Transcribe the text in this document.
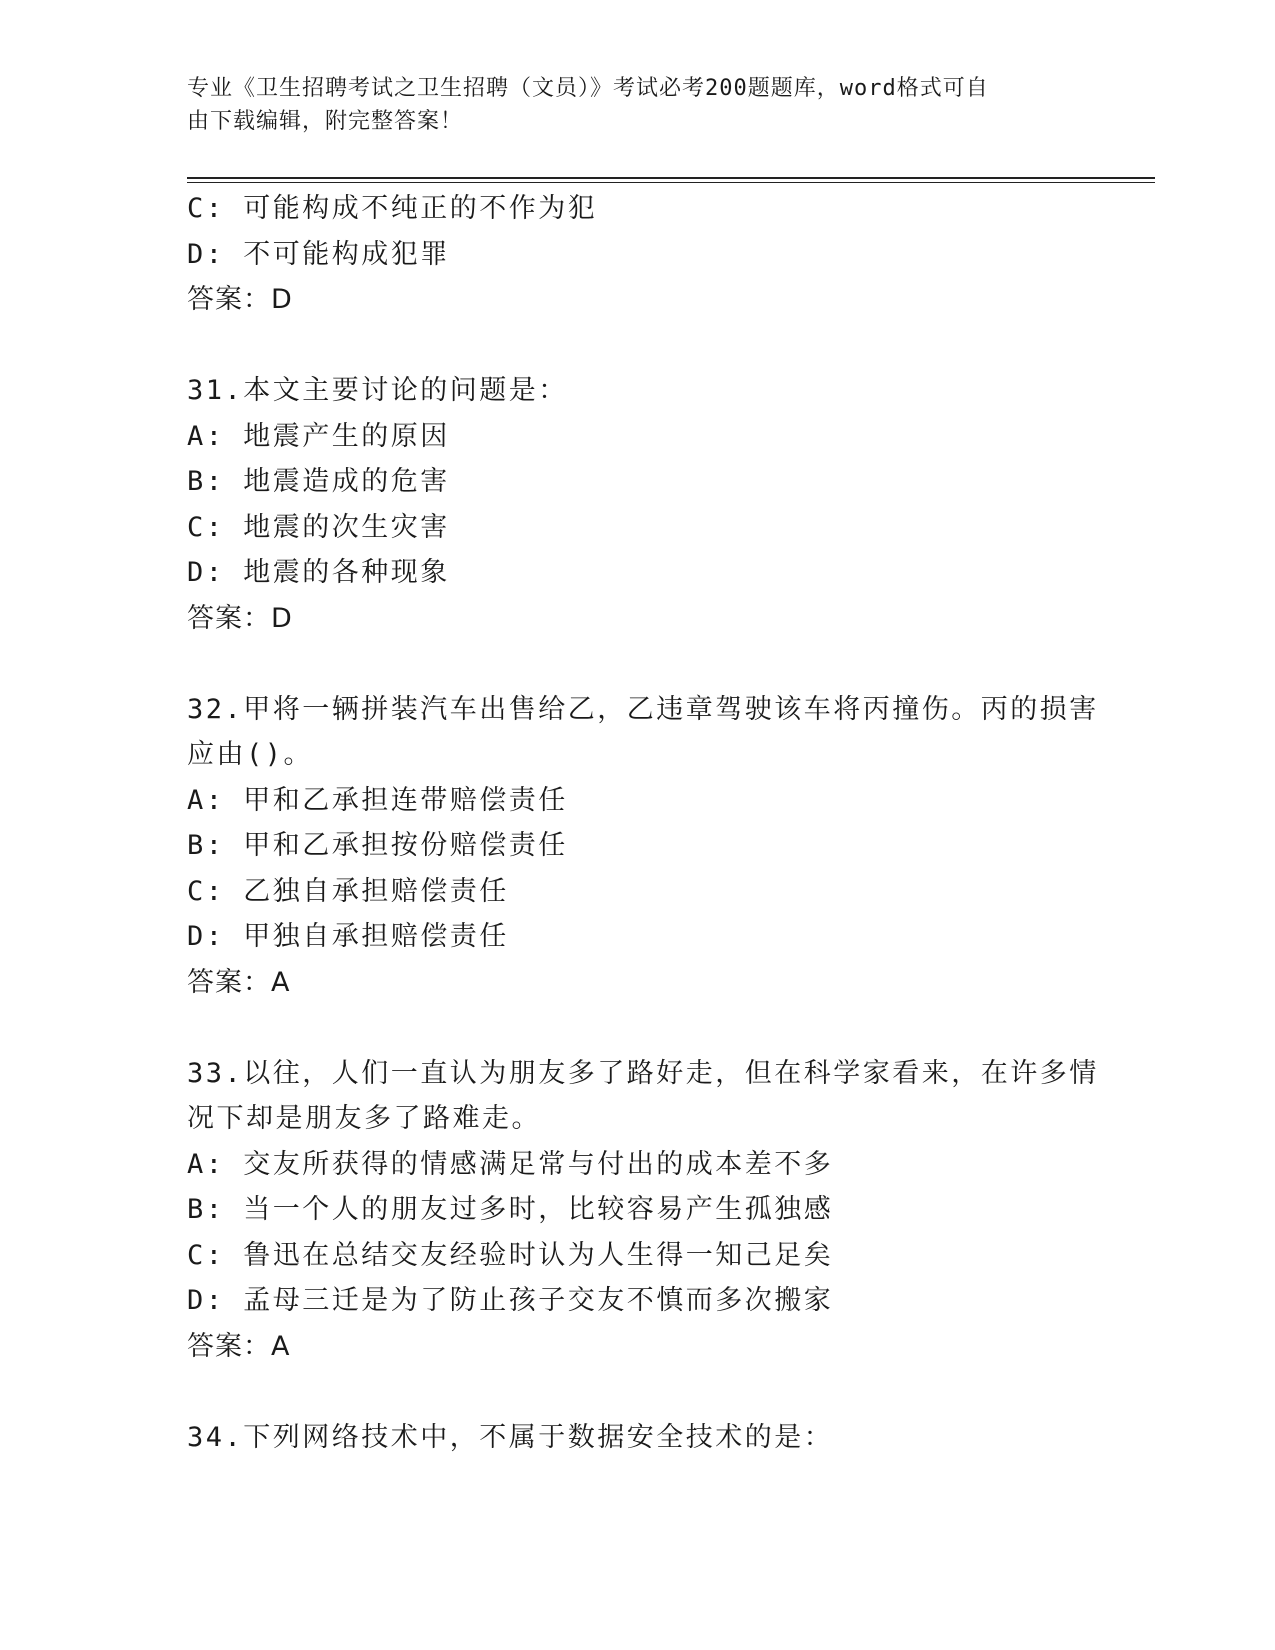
专业《卫生招聘考试之卫生招聘（文员）》考试必考200题题库，word格式可自
由下载编辑，附完整答案！
C: 可能构成不纯正的不作为犯
D: 不可能构成犯罪
答案：D
31.本文主要讨论的问题是：
A: 地震产生的原因
B: 地震造成的危害
C: 地震的次生灾害
D: 地震的各种现象
答案：D
32.甲将一辆拼装汽车出售给乙，乙违章驾驶该车将丙撞伤。丙的损害
应由()。
A: 甲和乙承担连带赔偿责任
B: 甲和乙承担按份赔偿责任
C: 乙独自承担赔偿责任
D: 甲独自承担赔偿责任
答案：A
33.以往，人们一直认为朋友多了路好走，但在科学家看来，在许多情
况下却是朋友多了路难走。
A: 交友所获得的情感满足常与付出的成本差不多
B: 当一个人的朋友过多时，比较容易产生孤独感
C: 鲁迅在总结交友经验时认为人生得一知己足矣
D: 孟母三迁是为了防止孩子交友不慎而多次搬家
答案：A
34.下列网络技术中，不属于数据安全技术的是：
